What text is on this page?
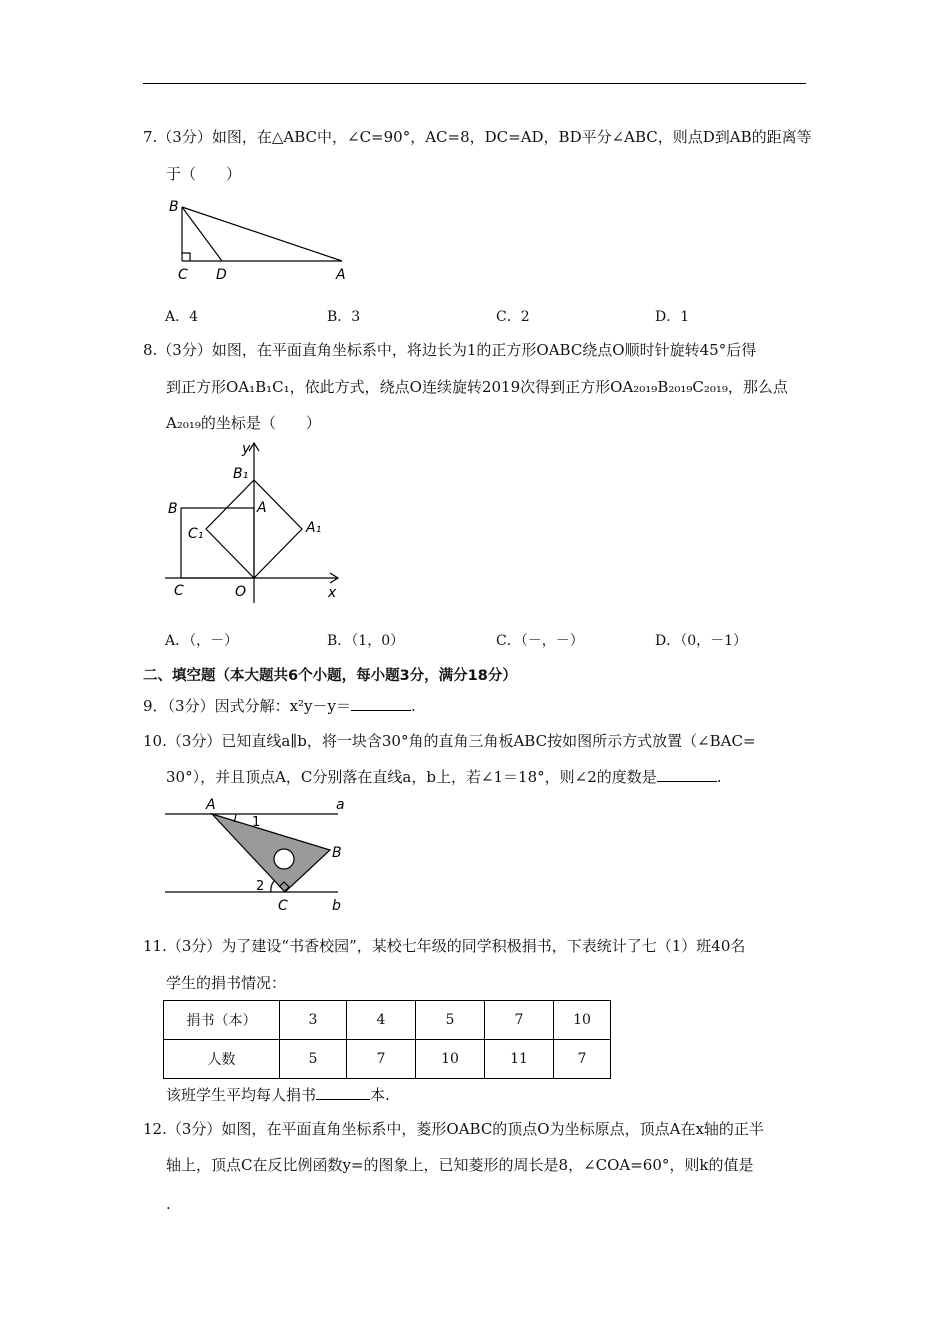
7.（3分）如图，在△ABC中，∠C=90°，AC=8，DC=AD，BD平分∠ABC，则点D到AB的距离等
于（　　）
B
C D	A
A．4	B．3	C．2	D．1
8.（3分）如图，在平面直角坐标系中，将边长为1的正方形OABC绕点O顺时针旋转45°后得
到正方形OA₁B₁C₁，依此方式，绕点O连续旋转2019次得到正方形OA₂₀₁₉B₂₀₁₉C₂₀₁₉，那么点
A₂₀₁₉的坐标是（　　）
y
B₁
B	A
A₁
C₁
C	O	x
A．（，－）	B．（1，0）	C．（－，－）	D．（0，－1）
二、填空题（本大题共6个小题，每小题3分，满分18分）
9．（3分）因式分解：x²y－y＝	.
10.（3分）已知直线a∥b，将一块含30°角的直角三角板ABC按如图所示方式放置（∠BAC=
30°），并且顶点A，C分别落在直线a，b上，若∠1＝18°，则∠2的度数是	.
A	a
1
B
2
C	b
11.（3分）为了建设“书香校园”，某校七年级的同学积极捐书，下表统计了七（1）班40名
学生的捐书情况：
捐书（本）	3	4	5	7	10
人数	5	7	10	11	7
该班学生平均每人捐书	本.
12.（3分）如图，在平面直角坐标系中，菱形OABC的顶点O为坐标原点，顶点A在x轴的正半
轴上，顶点C在反比例函数y=的图象上，已知菱形的周长是8，∠COA=60°，则k的值是
.
